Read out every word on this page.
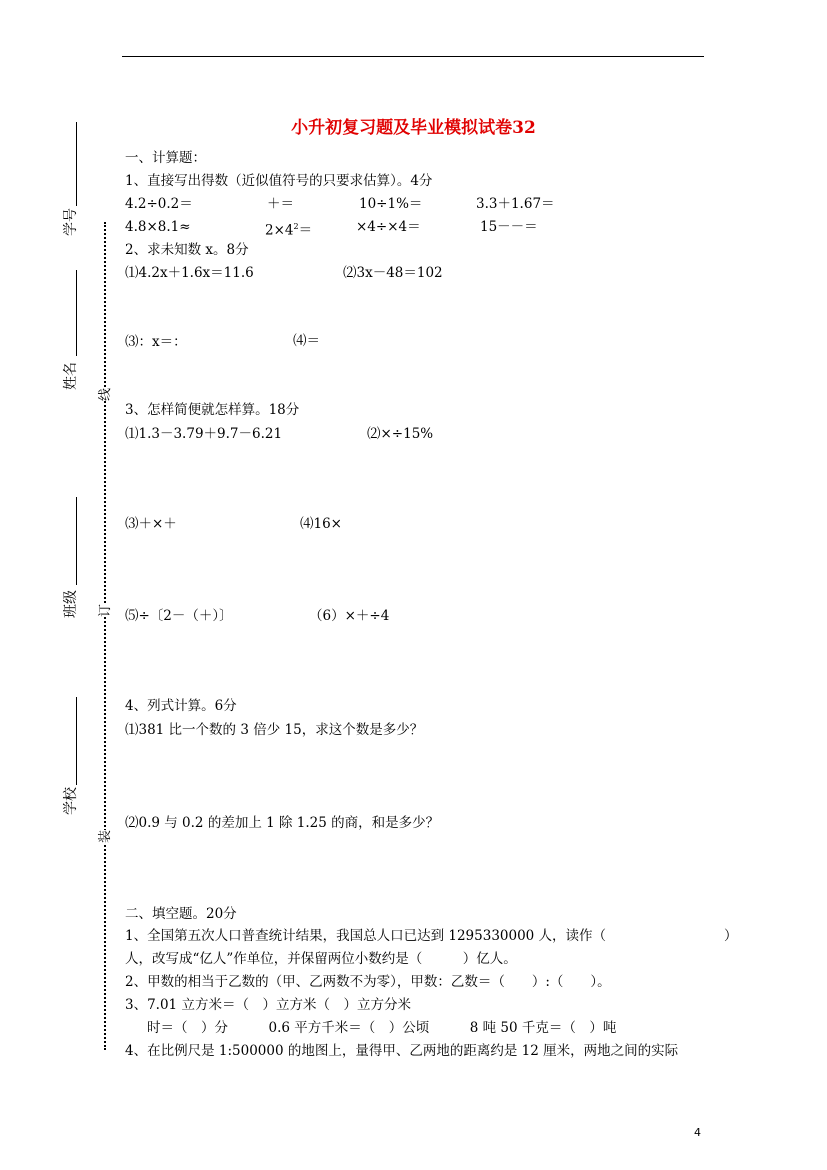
学号
姓名
班级
学校
线
订
装
小升初复习题及毕业模拟试卷32
一、计算题：
1、直接写出得数（近似值符号的只要求估算）。4分
4.2÷0.2＝	＋＝	10÷1%＝	3.3＋1.67＝
4.8×8.1≈	$2\times 4^2=$	×4÷×4＝	15－－＝
2、求未知数 x。8分
⑴4.2x＋1.6x＝11.6	⑵3x－48＝102
⑶：x＝：	⑷＝
3、怎样简便就怎样算。18分
⑴1.3－3.79＋9.7－6.21	⑵×÷15%
⑶＋×＋	⑷16×
⑸÷〔2－（＋）〕	（6）×＋÷4
4、列式计算。6分
⑴381 比一个数的 3 倍少 15，求这个数是多少？
⑵0.9 与 0.2 的差加上 1 除 1.25 的商，和是多少？
二、填空题。20分
1、全国第五次人口普查统计结果，我国总人口已达到 1295330000 人，读作（	）
人，改写成“亿人”作单位，并保留两位小数约是（　　　）亿人。
2、甲数的相当于乙数的（甲、乙两数不为零），甲数：乙数＝（　　）:（　　）。
3、7.01 立方米＝（　）立方米（　）立方分米
时＝（　）分　　　0.6 平方千米＝（　）公顷　　　8 吨 50 千克＝（　）吨
4、在比例尺是 1:500000 的地图上，量得甲、乙两地的距离约是 12 厘米，两地之间的实际
4
